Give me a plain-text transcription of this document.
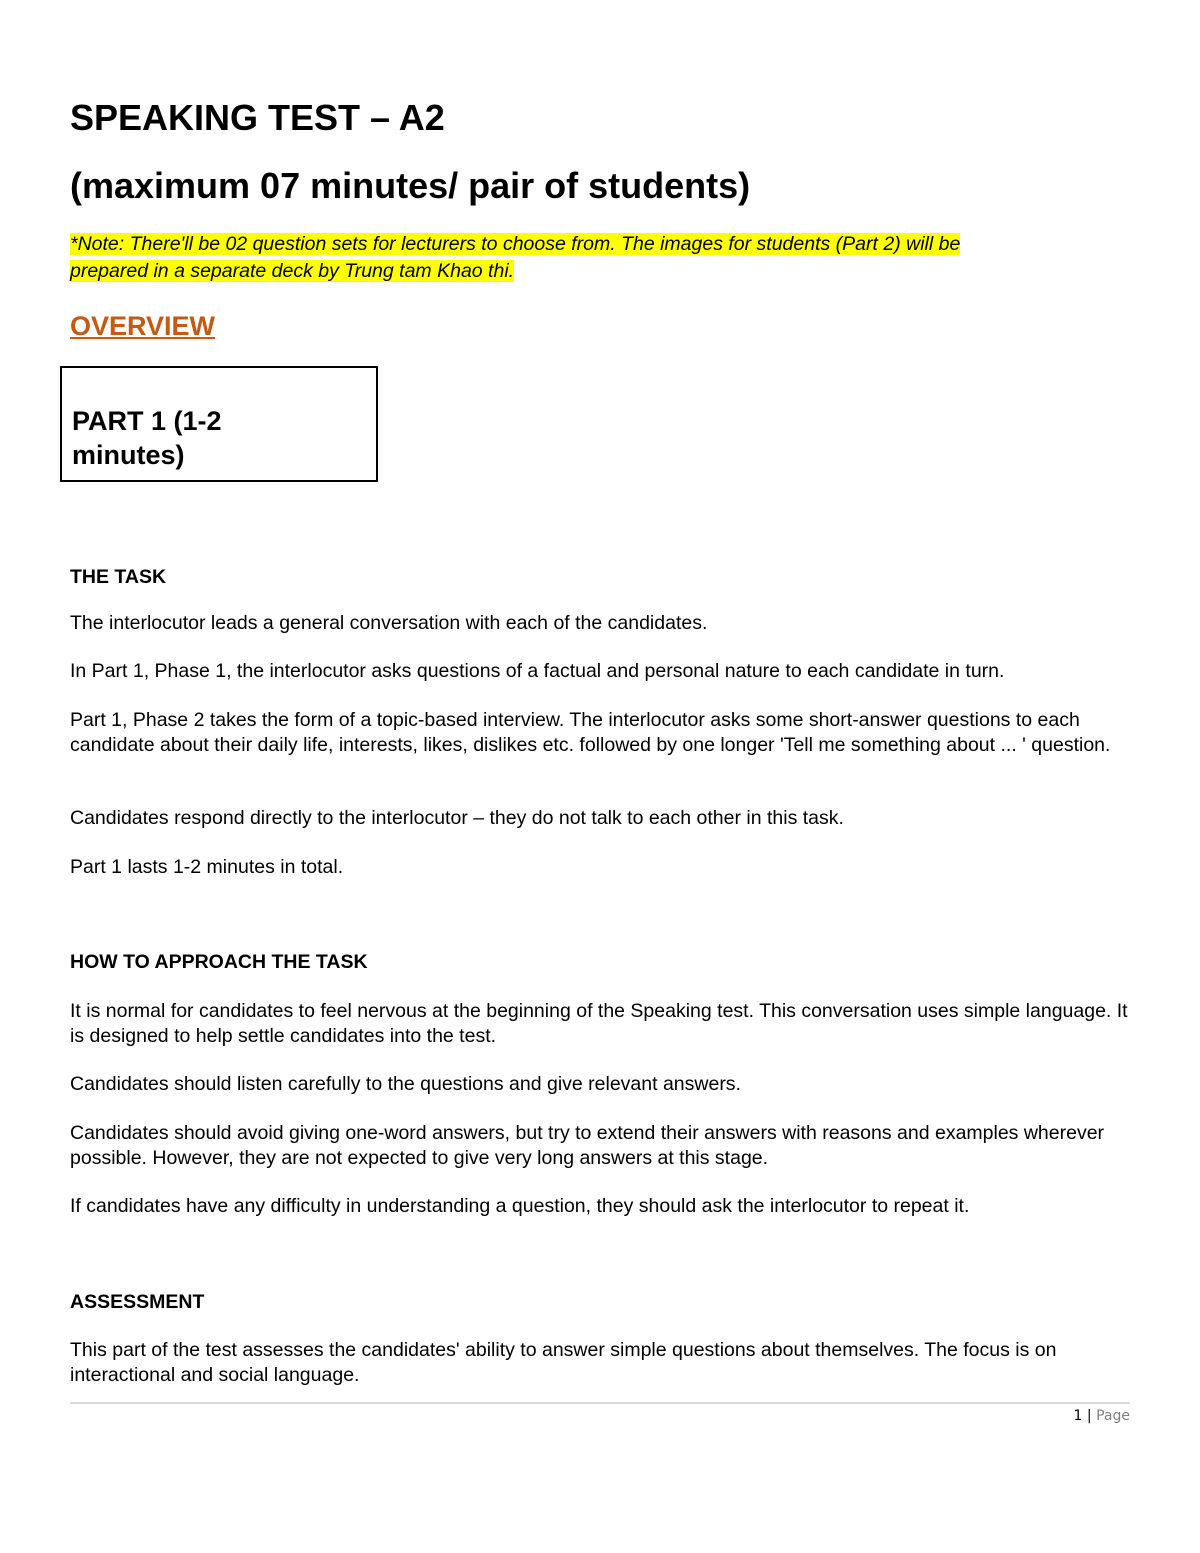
SPEAKING TEST – A2
(maximum 07 minutes/ pair of students)

*Note: There'll be 02 question sets for lecturers to choose from. The images for students (Part 2) will be
prepared in a separate deck by Trung tam Khao thi.

OVERVIEW
PART 1 (1-2 minutes)
THE TASK

The interlocutor leads a general conversation with each of the candidates.

In Part 1, Phase 1, the interlocutor asks questions of a factual and personal nature to each candidate in turn.

Part 1, Phase 2 takes the form of a topic-based interview. The interlocutor asks some short-answer questions to each candidate about their daily life, interests, likes, dislikes etc. followed by one longer 'Tell me something about ... ' question.

Candidates respond directly to the interlocutor – they do not talk to each other in this task.

Part 1 lasts 1-2 minutes in total.

HOW TO APPROACH THE TASK

It is normal for candidates to feel nervous at the beginning of the Speaking test. This conversation uses simple language. It is designed to help settle candidates into the test.

Candidates should listen carefully to the questions and give relevant answers.

Candidates should avoid giving one-word answers, but try to extend their answers with reasons and examples wherever possible. However, they are not expected to give very long answers at this stage.

If candidates have any difficulty in understanding a question, they should ask the interlocutor to repeat it.

ASSESSMENT

This part of the test assesses the candidates' ability to answer simple questions about themselves. The focus is on interactional and social language.

1 | Page
